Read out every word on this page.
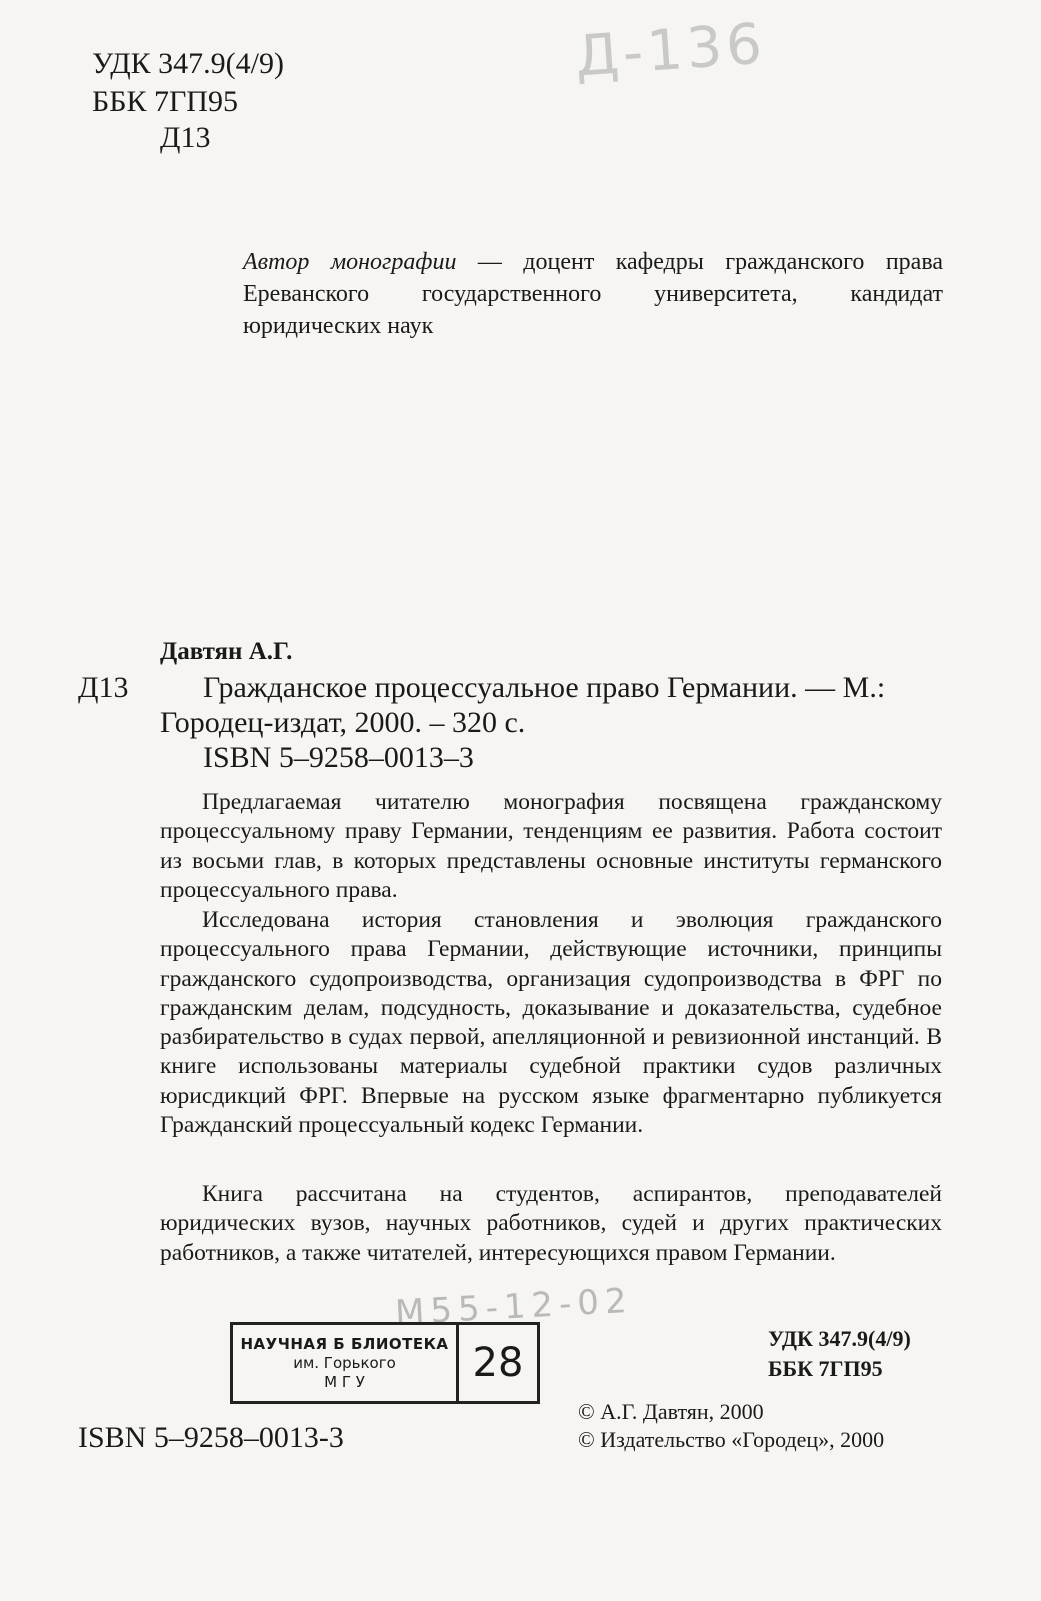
УДК 347.9(4/9)
ББК 7ГП95
Д13
Д-136
Автор монографии — доцент кафедры гражданского права Ереванского государственного университета, кандидат юридических наук
Давтян А.Г.
Д13 Гражданское процессуальное право Германии. — М.:
Городец-издат, 2000. – 320 с.
ISBN 5–9258–0013–3
Предлагаемая читателю монография посвящена гражданскому процессуальному праву Германии, тенденциям ее развития. Работа состоит из восьми глав, в которых представлены основные институты германского процессуального права.
Исследована история становления и эволюция гражданского процессуального права Германии, действующие источники, принципы гражданского судопроизводства, организация судопроизводства в ФРГ по гражданским делам, подсудность, доказывание и доказательства, судебное разбирательство в судах первой, апелляционной и ревизионной инстанций. В книге использованы материалы судебной практики судов различных юрисдикций ФРГ. Впервые на русском языке фрагментарно публикуется Гражданский процессуальный кодекс Германии.
Книга рассчитана на студентов, аспирантов, преподавателей юридических вузов, научных работников, судей и других практических работников, а также читателей, интересующихся правом Германии.
М55-12-02
НАУЧНАЯ Б БЛИОТЕКА
им. Горького
М Г У	28
УДК 347.9(4/9)
ББК 7ГП95
ISBN 5–9258–0013-3
© А.Г. Давтян, 2000
© Издательство «Городец», 2000
